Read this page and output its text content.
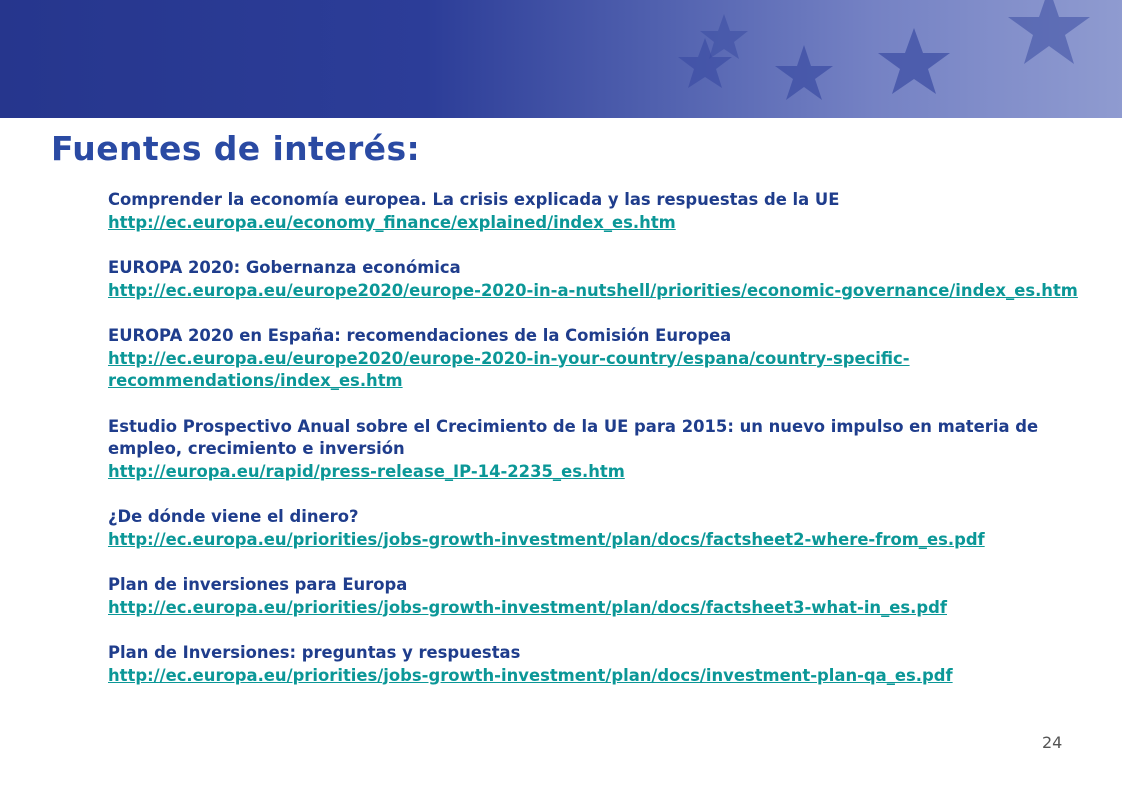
Fuentes de interés:
Comprender la economía europea. La crisis explicada y las respuestas de la UE
http://ec.europa.eu/economy_finance/explained/index_es.htm
EUROPA 2020: Gobernanza económica
http://ec.europa.eu/europe2020/europe-2020-in-a-nutshell/priorities/economic-governance/index_es.htm
EUROPA 2020 en España: recomendaciones de la Comisión Europea
http://ec.europa.eu/europe2020/europe-2020-in-your-country/espana/country-specific-recommendations/index_es.htm
Estudio Prospectivo Anual sobre el Crecimiento de la UE para 2015: un nuevo impulso en materia de empleo, crecimiento e inversión
http://europa.eu/rapid/press-release_IP-14-2235_es.htm
¿De dónde viene el dinero?
http://ec.europa.eu/priorities/jobs-growth-investment/plan/docs/factsheet2-where-from_es.pdf
Plan de inversiones para Europa
http://ec.europa.eu/priorities/jobs-growth-investment/plan/docs/factsheet3-what-in_es.pdf
Plan de Inversiones: preguntas y respuestas
http://ec.europa.eu/priorities/jobs-growth-investment/plan/docs/investment-plan-qa_es.pdf
24
